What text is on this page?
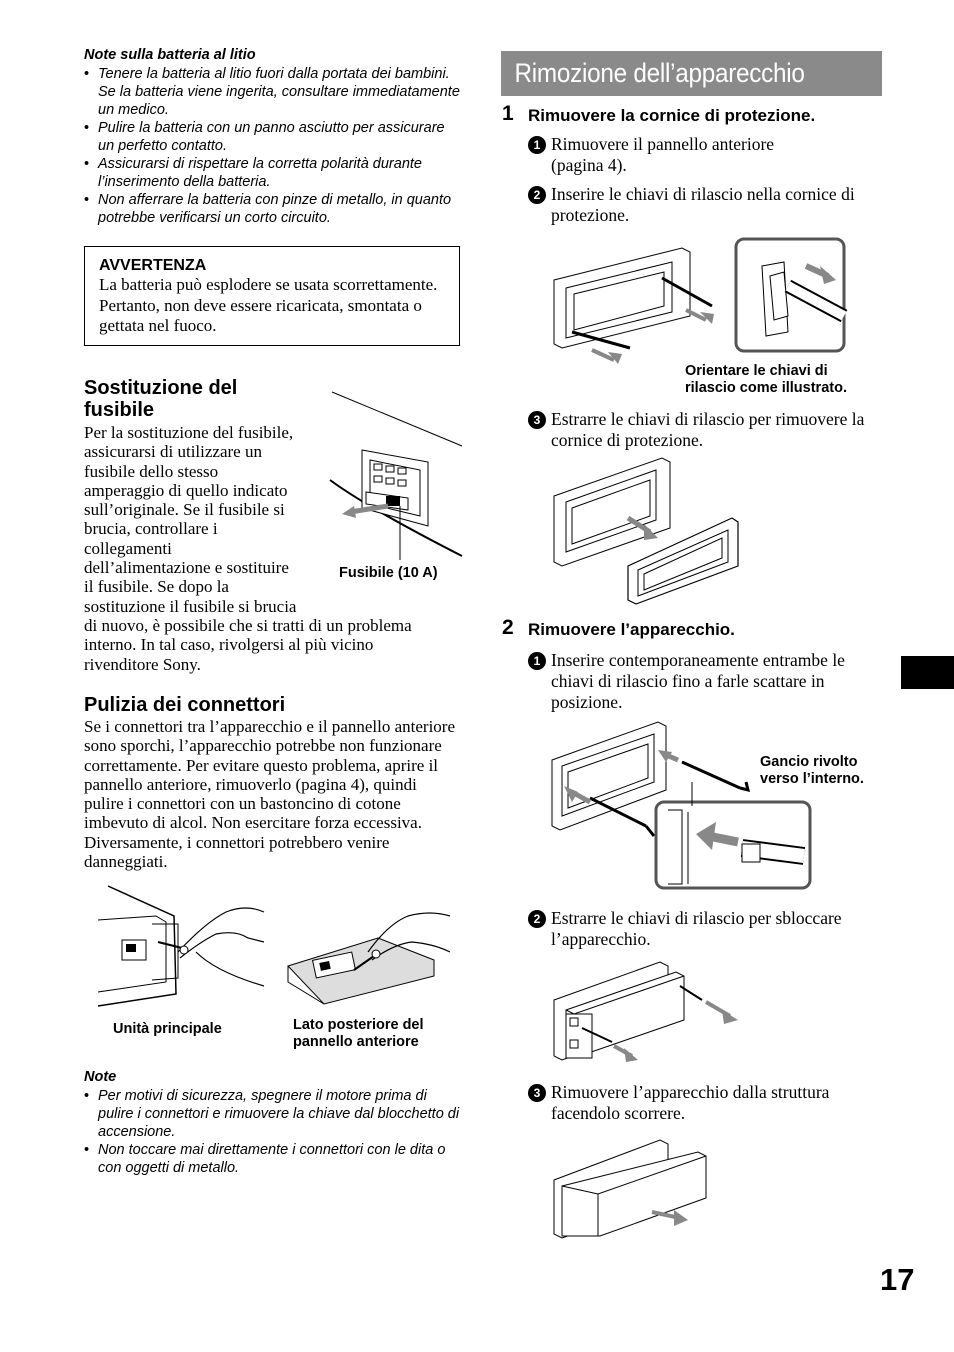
Note sulla batteria al litio
• Tenere la batteria al litio fuori dalla portata dei bambini. Se la batteria viene ingerita, consultare immediatamente un medico.
• Pulire la batteria con un panno asciutto per assicurare un perfetto contatto.
• Assicurarsi di rispettare la corretta polarità durante l’inserimento della batteria.
• Non afferrare la batteria con pinze di metallo, in quanto potrebbe verificarsi un corto circuito.
AVVERTENZA
La batteria può esplodere se usata scorrettamente. Pertanto, non deve essere ricaricata, smontata o gettata nel fuoco.
Sostituzione del
fusibile
Per la sostituzione del fusibile,
assicurarsi di utilizzare un
fusibile dello stesso
amperaggio di quello indicato
sull’originale. Se il fusibile si
brucia, controllare i
collegamenti
dell’alimentazione e sostituire
il fusibile. Se dopo la
sostituzione il fusibile si brucia
di nuovo, è possibile che si tratti di un problema
interno. In tal caso, rivolgersi al più vicino
rivenditore Sony.
Fusibile (10 A)
Pulizia dei connettori
Se i connettori tra l’apparecchio e il pannello anteriore sono sporchi, l’apparecchio potrebbe non funzionare correttamente. Per evitare questo problema, aprire il pannello anteriore, rimuoverlo (pagina 4), quindi pulire i connettori con un bastoncino di cotone imbevuto di alcol. Non esercitare forza eccessiva. Diversamente, i connettori potrebbero venire danneggiati.
Unità principale	Lato posteriore del
pannello anteriore
Note
• Per motivi di sicurezza, spegnere il motore prima di pulire i connettori e rimuovere la chiave dal blocchetto di accensione.
• Non toccare mai direttamente i connettori con le dita o con oggetti di metallo.
Rimozione dell’apparecchio
1 Rimuovere la cornice di protezione.
1 Rimuovere il pannello anteriore
(pagina 4).
2 Inserire le chiavi di rilascio nella cornice di protezione.
Orientare le chiavi di
rilascio come illustrato.
3 Estrarre le chiavi di rilascio per rimuovere la cornice di protezione.
2 Rimuovere l’apparecchio.
1 Inserire contemporaneamente entrambe le chiavi di rilascio fino a farle scattare in posizione.
Gancio rivolto
verso l’interno.
2 Estrarre le chiavi di rilascio per sbloccare l’apparecchio.
3 Rimuovere l’apparecchio dalla struttura facendolo scorrere.
17
